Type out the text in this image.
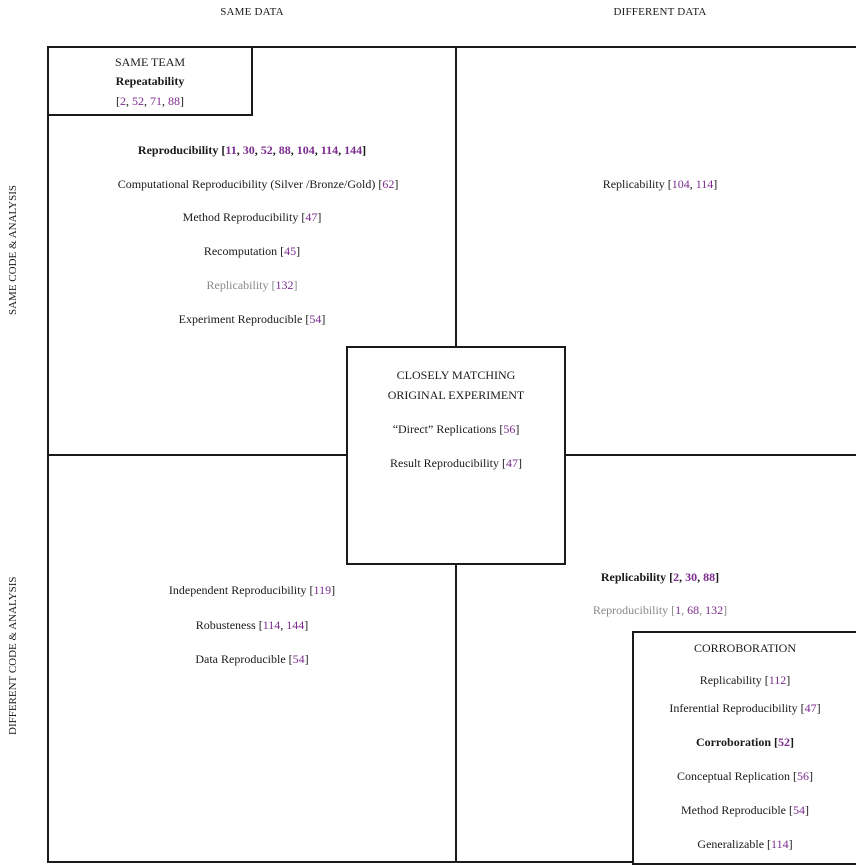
SAME DATA	DIFFERENT DATA
SAME CODE & ANALYSIS
DIFFERENT CODE & ANALYSIS
SAME TEAM
Repeatability
[2, 52, 71, 88]
Reproducibility [11, 30, 52, 88, 104, 114, 144]
Computational Reproducibility (Silver /Bronze/Gold) [62]
Method Reproducibility [47]
Recomputation [45]
Replicability [132]
Experiment Reproducible [54]
Replicability [104, 114]
Independent Reproducibility [119]
Robusteness [114, 144]
Data Reproducible [54]
Replicability [2, 30, 88]
Reproducibility [1, 68, 132]
CLOSELY MATCHING
ORIGINAL EXPERIMENT
“Direct” Replications [56]
Result Reproducibility [47]
CORROBORATION
Replicability [112]
Inferential Reproducibility [47]
Corroboration [52]
Conceptual Replication [56]
Method Reproducible [54]
Generalizable [114]
